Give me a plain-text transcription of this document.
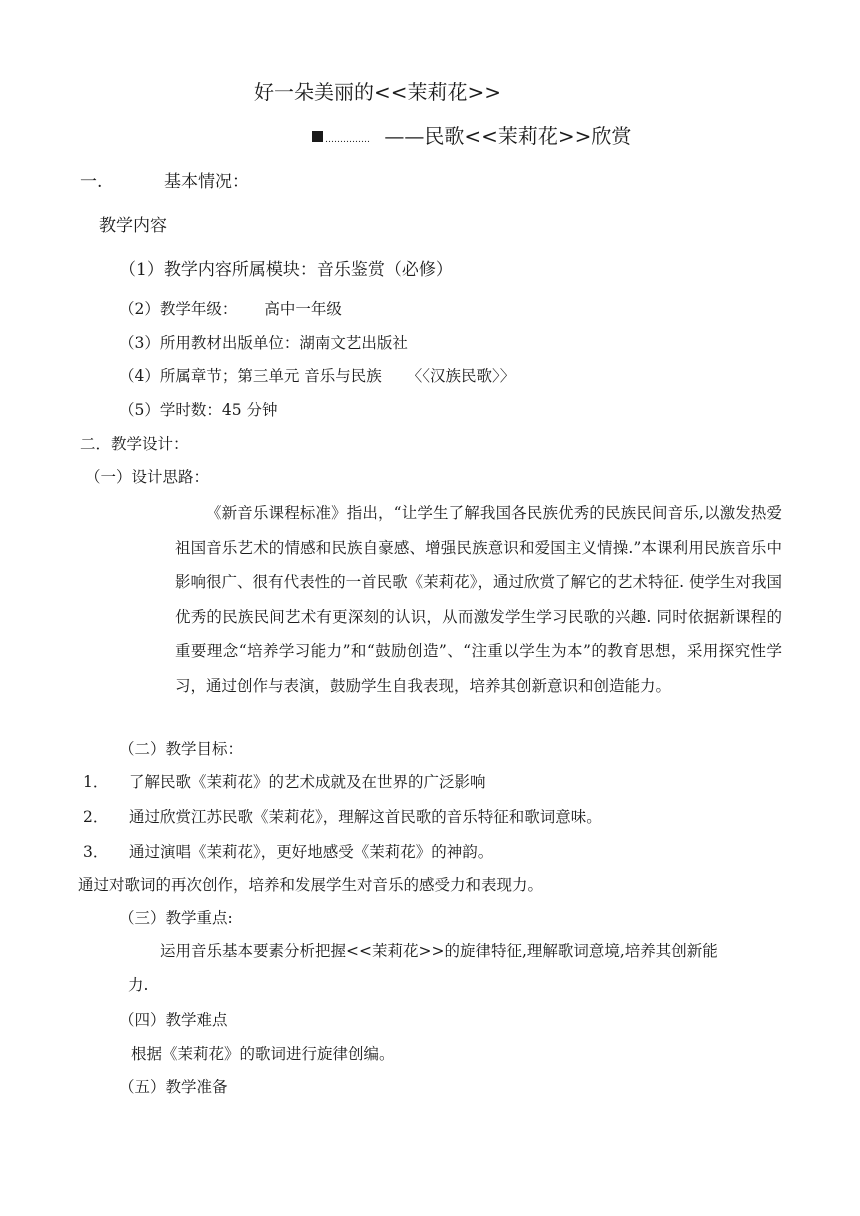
好一朵美丽的<<茉莉花>>
…………… ——民歌<<茉莉花>>欣赏
一.	基本情况：
教学内容
（1）教学内容所属模块：音乐鉴赏（必修）
（2）教学年级： 高中一年级
（3）所用教材出版单位：湖南文艺出版社
（4）所属章节；第三单元 音乐与民族 〈〈汉族民歌〉〉
（5）学时数：45 分钟
二．教学设计：
（一）设计思路：

《新音乐课程标准》指出，“让学生了解我国各民族优秀的民族民间音乐,以激发热爱祖国音乐艺术的情感和民族自豪感、增强民族意识和爱国主义情操.”本课利用民族音乐中影响很广、很有代表性的一首民歌《茉莉花》，通过欣赏了解它的艺术特征. 使学生对我国优秀的民族民间艺术有更深刻的认识，从而激发学生学习民歌的兴趣. 同时依据新课程的重要理念“培养学习能力”和“鼓励创造”、“注重以学生为本”的教育思想，采用探究性学习，通过创作与表演，鼓励学生自我表现，培养其创新意识和创造能力。

（二）教学目标：
1． 了解民歌《茉莉花》的艺术成就及在世界的广泛影响
2． 通过欣赏江苏民歌《茉莉花》，理解这首民歌的音乐特征和歌词意味。
3． 通过演唱《茉莉花》，更好地感受《茉莉花》的神韵。
通过对歌词的再次创作，培养和发展学生对音乐的感受力和表现力。
（三）教学重点:
运用音乐基本要素分析把握<<茉莉花>>的旋律特征,理解歌词意境,培养其创新能
力.
（四）教学难点
根据《茉莉花》的歌词进行旋律创编。
（五）教学准备
